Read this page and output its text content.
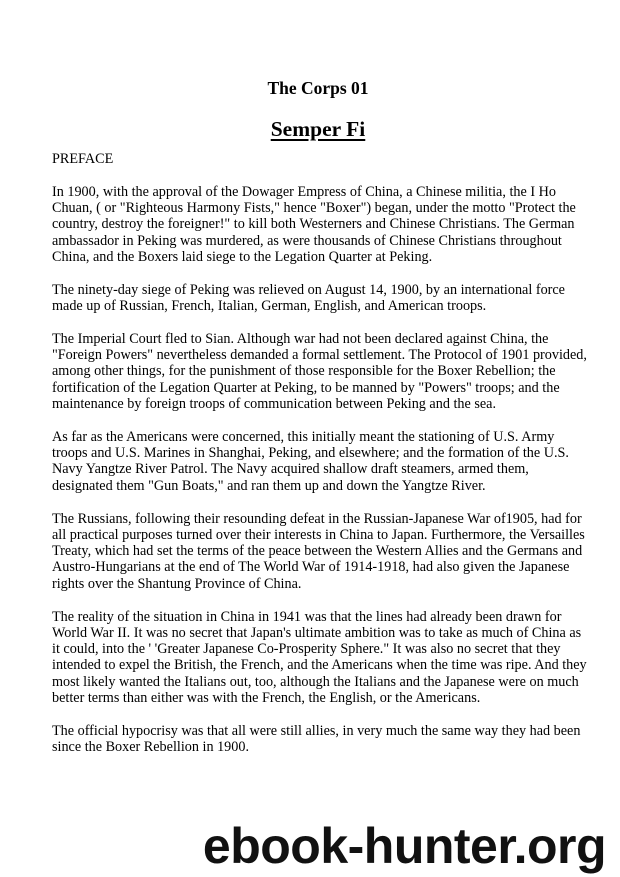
The Corps 01
Semper Fi

PREFACE

In 1900, with the approval of the Dowager Empress of China, a Chinese militia, the I Ho Chuan, ( or "Righteous Harmony Fists," hence "Boxer") began, under the motto "Protect the country, destroy the foreigner!" to kill both Westerners and Chinese Christians. The German ambassador in Peking was murdered, as were thousands of Chinese Christians throughout China, and the Boxers laid siege to the Legation Quarter at Peking.

The ninety-day siege of Peking was relieved on August 14, 1900, by an international force made up of Russian, French, Italian, German, English, and American troops.

The Imperial Court fled to Sian. Although war had not been declared against China, the "Foreign Powers" nevertheless demanded a formal settlement. The Protocol of 1901 provided, among other things, for the punishment of those responsible for the Boxer Rebellion; the fortification of the Legation Quarter at Peking, to be manned by "Powers" troops; and the maintenance by foreign troops of communication between Peking and the sea.

As far as the Americans were concerned, this initially meant the stationing of U.S. Army troops and U.S. Marines in Shanghai, Peking, and elsewhere; and the formation of the U.S. Navy Yangtze River Patrol. The Navy acquired shallow draft steamers, armed them, designated them "Gun Boats," and ran them up and down the Yangtze River.

The Russians, following their resounding defeat in the Russian-Japanese War of1905, had for all practical purposes turned over their interests in China to Japan. Furthermore, the Versailles Treaty, which had set the terms of the peace between the Western Allies and the Germans and Austro-Hungarians at the end of The World War of 1914-1918, had also given the Japanese rights over the Shantung Province of China.

The reality of the situation in China in 1941 was that the lines had already been drawn for World War II. It was no secret that Japan's ultimate ambition was to take as much of China as it could, into the ' 'Greater Japanese Co-Prosperity Sphere." It was also no secret that they intended to expel the British, the French, and the Americans when the time was ripe. And they most likely wanted the Italians out, too, although the Italians and the Japanese were on much better terms than either was with the French, the English, or the Americans.

The official hypocrisy was that all were still allies, in very much the same way they had been since the Boxer Rebellion in 1900.

ebook-hunter.org
